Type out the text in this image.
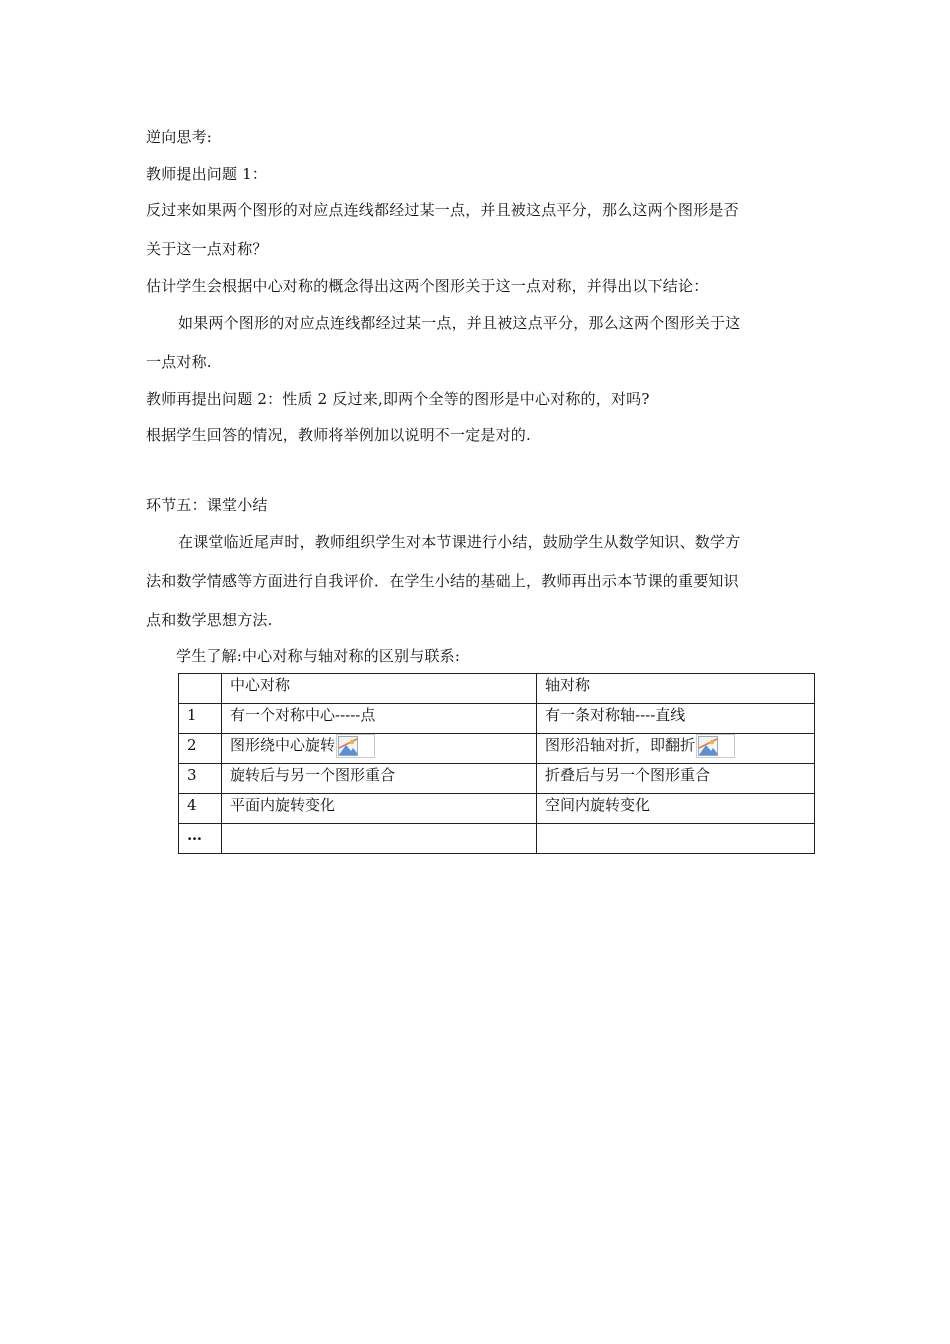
逆向思考:
教师提出问题 1：
反过来如果两个图形的对应点连线都经过某一点，并且被这点平分，那么这两个图形是否
关于这一点对称？
估计学生会根据中心对称的概念得出这两个图形关于这一点对称，并得出以下结论：
如果两个图形的对应点连线都经过某一点，并且被这点平分，那么这两个图形关于这
一点对称.
教师再提出问题 2：性质 2 反过来,即两个全等的图形是中心对称的，对吗?
根据学生回答的情况，教师将举例加以说明不一定是对的.
环节五：课堂小结
在课堂临近尾声时，教师组织学生对本节课进行小结，鼓励学生从数学知识、数学方
法和数学情感等方面进行自我评价．在学生小结的基础上，教师再出示本节课的重要知识
点和数学思想方法.
学生了解:中心对称与轴对称的区别与联系:
	中心对称	轴对称
1	有一个对称中心-----点	有一条对称轴----直线
2	图形绕中心旋转	图形沿轴对折，即翻折

3	旋转后与另一个图形重合	折叠后与另一个图形重合
4	平面内旋转变化	空间内旋转变化
…		
